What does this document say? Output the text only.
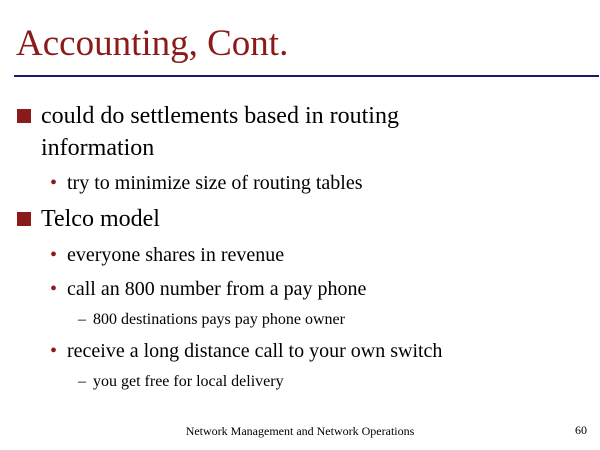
Accounting, Cont.
could do settlements based in routing
information
• try to minimize size of routing tables
Telco model
• everyone shares in revenue
• call an 800 number from a pay phone
– 800 destinations pays pay phone owner
• receive a long distance call to your own switch
– you get free for local delivery
Network Management and Network Operations	60
